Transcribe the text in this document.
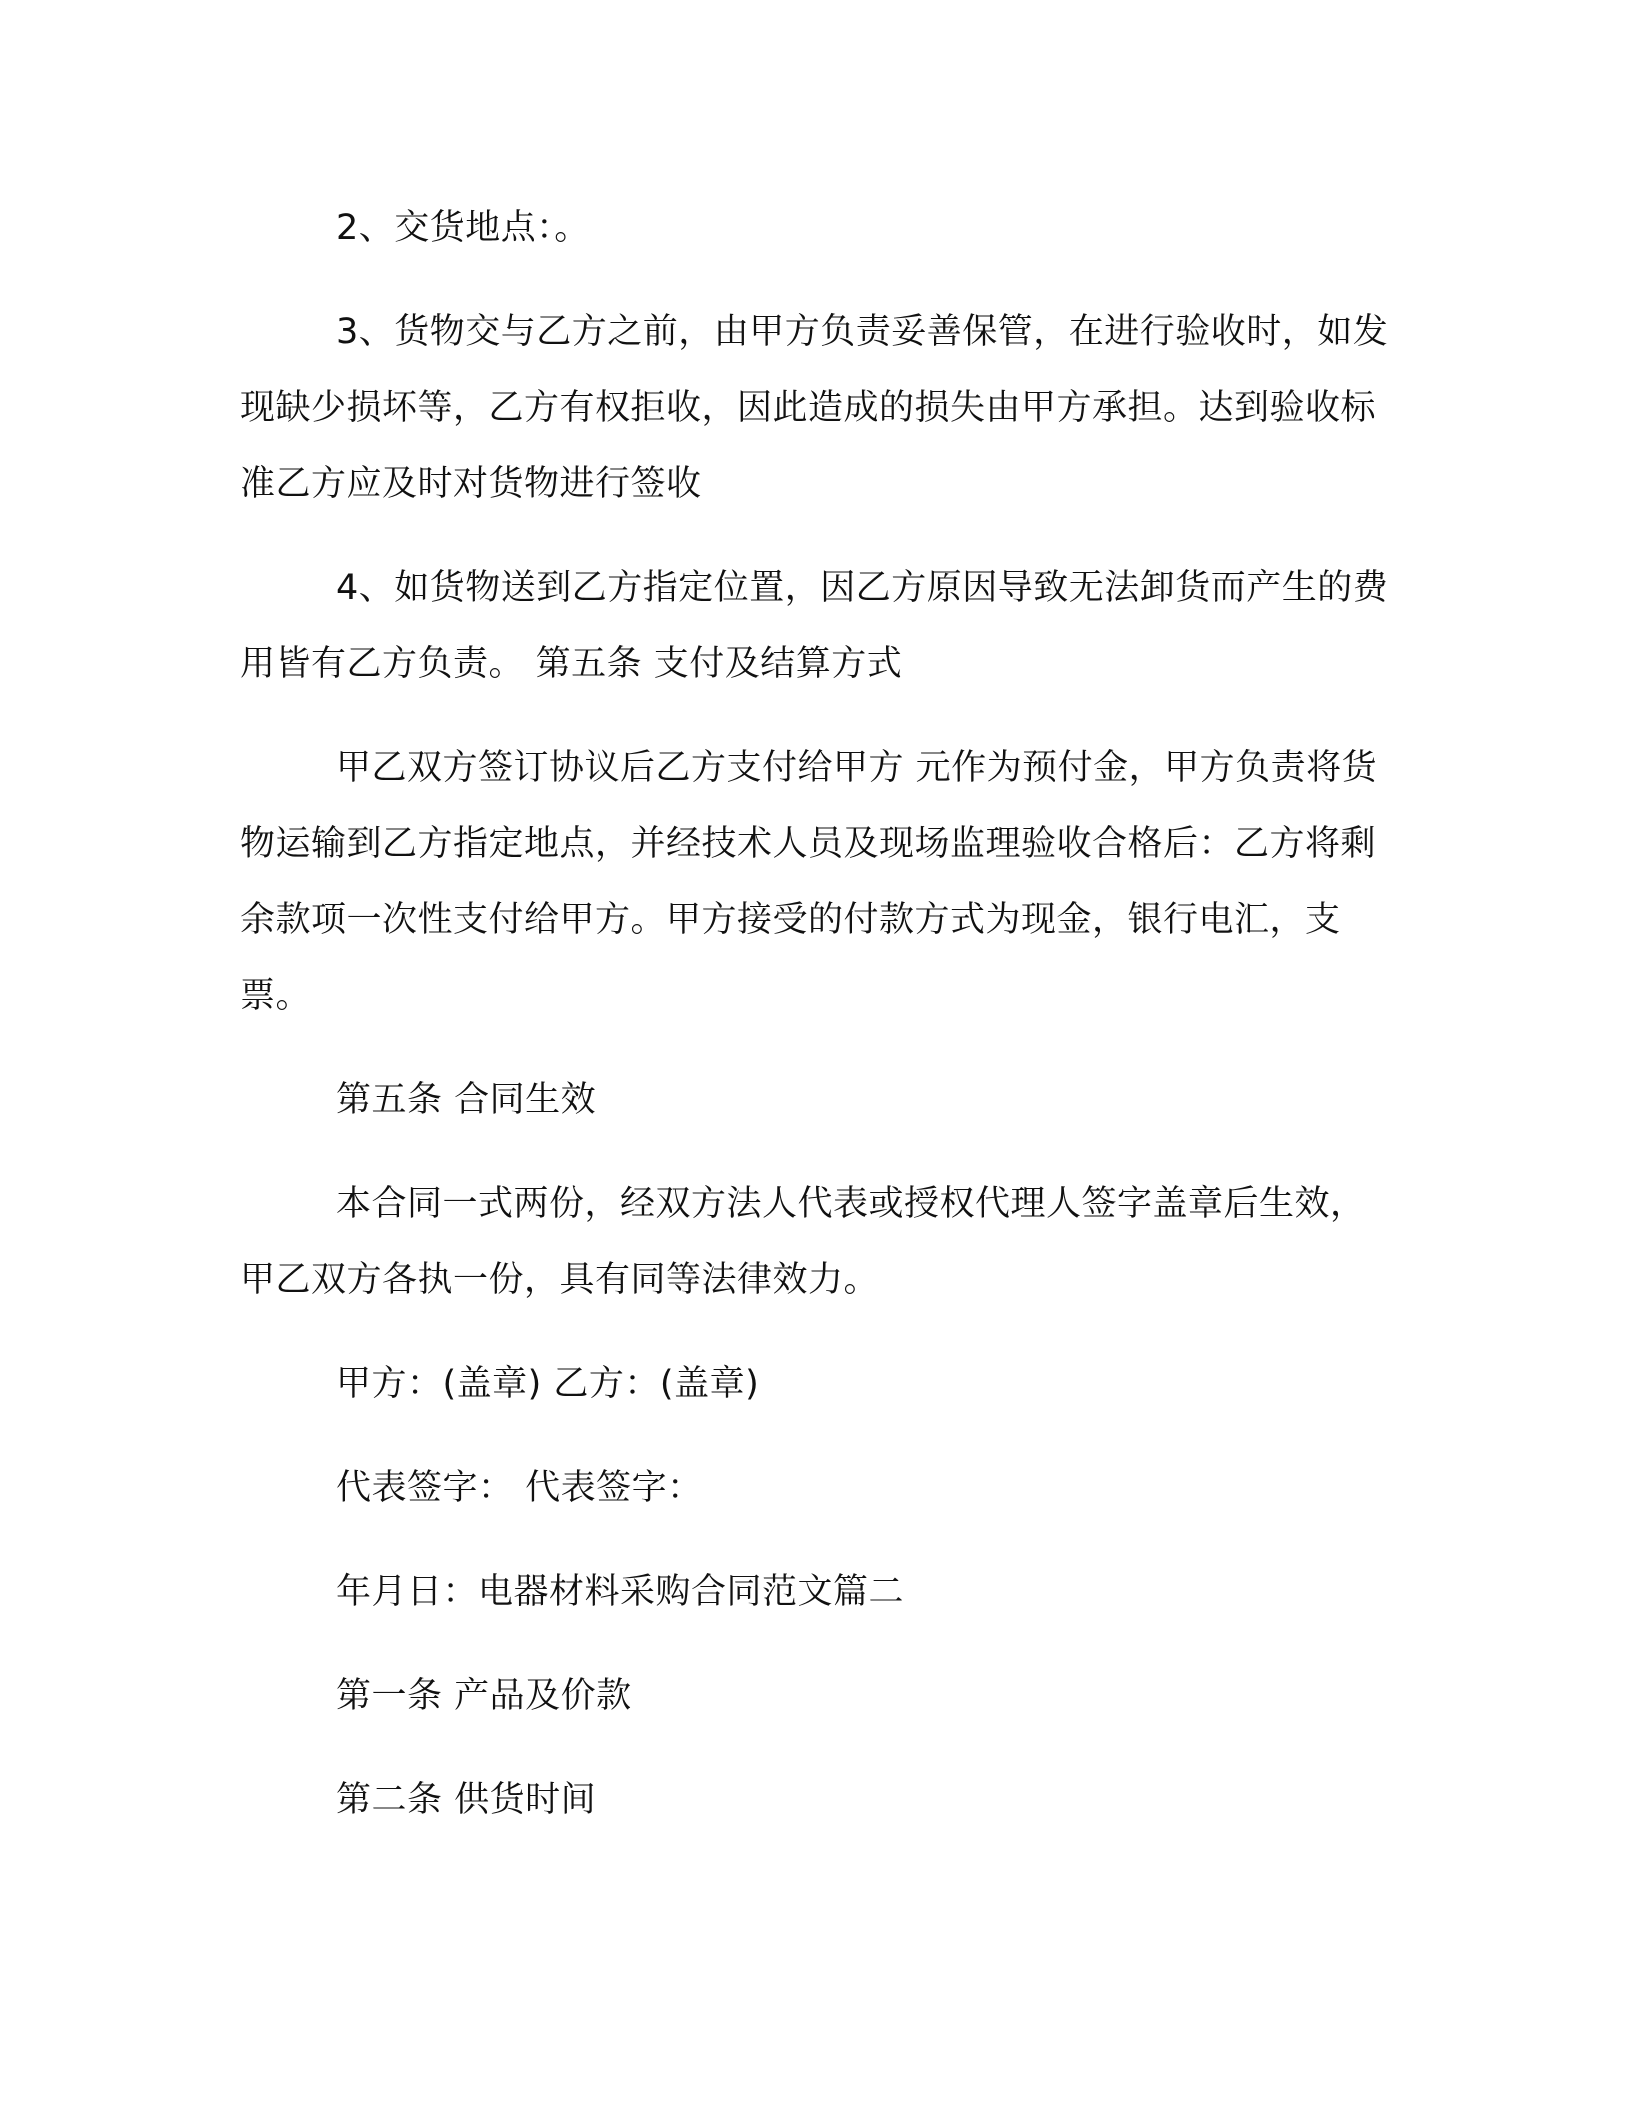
2、交货地点：。

3、货物交与乙方之前，由甲方负责妥善保管，在进行验收时，如发现缺少损坏等，乙方有权拒收，因此造成的损失由甲方承担。达到验收标准乙方应及时对货物进行签收

4、如货物送到乙方指定位置，因乙方原因导致无法卸货而产生的费用皆有乙方负责。 第五条 支付及结算方式

甲乙双方签订协议后乙方支付给甲方 元作为预付金，甲方负责将货物运输到乙方指定地点，并经技术人员及现场监理验收合格后：乙方将剩余款项一次性支付给甲方。甲方接受的付款方式为现金，银行电汇，支票。

第五条 合同生效

本合同一式两份，经双方法人代表或授权代理人签字盖章后生效，甲乙双方各执一份，具有同等法律效力。

甲方：(盖章) 乙方：(盖章)

代表签字： 代表签字：

年月日：电器材料采购合同范文篇二

第一条 产品及价款

第二条 供货时间
